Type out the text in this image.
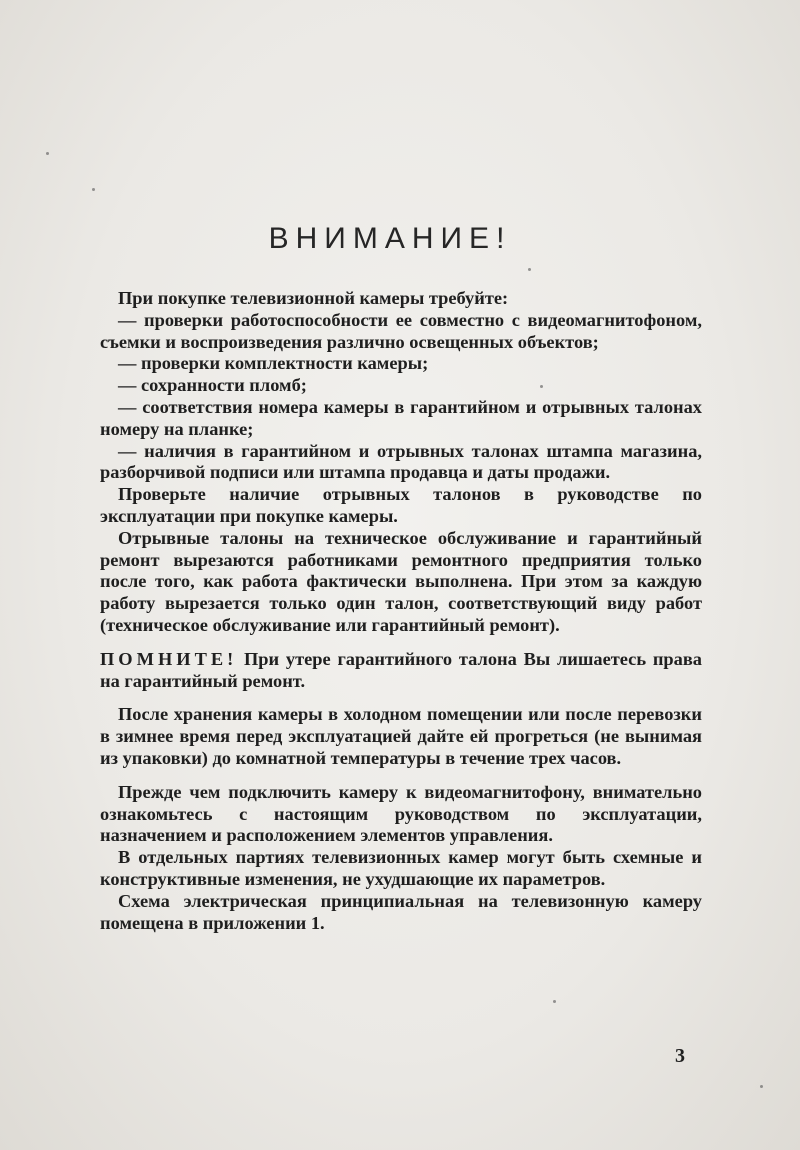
ВНИМАНИЕ!

При покупке телевизионной камеры требуйте:

— проверки работоспособности ее совместно с видеомагнитофоном, съемки и воспроизведения различно освещенных объектов;

— проверки комплектности камеры;

— сохранности пломб;

— соответствия номера камеры в гарантийном и отрывных талонах номеру на планке;

— наличия в гарантийном и отрывных талонах штампа магазина, разборчивой подписи или штампа продавца и даты продажи.

Проверьте наличие отрывных талонов в руководстве по эксплуатации при покупке камеры.

Отрывные талоны на техническое обслуживание и гарантийный ремонт вырезаются работниками ремонтного предприятия только после того, как работа фактически выполнена. При этом за каждую работу вырезается только один талон, соответствующий виду работ (техническое обслуживание или гарантийный ремонт).

ПОМНИТЕ! При утере гарантийного талона Вы лишаетесь права на гарантийный ремонт.

После хранения камеры в холодном помещении или после перевозки в зимнее время перед эксплуатацией дайте ей прогреться (не вынимая из упаковки) до комнатной температуры в течение трех часов.

Прежде чем подключить камеру к видеомагнитофону, внимательно ознакомьтесь с настоящим руководством по эксплуатации, назначением и расположением элементов управления.

В отдельных партиях телевизионных камер могут быть схемные и конструктивные изменения, не ухудшающие их параметров.

Схема электрическая принципиальная на телевизонную камеру помещена в приложении 1.

3
